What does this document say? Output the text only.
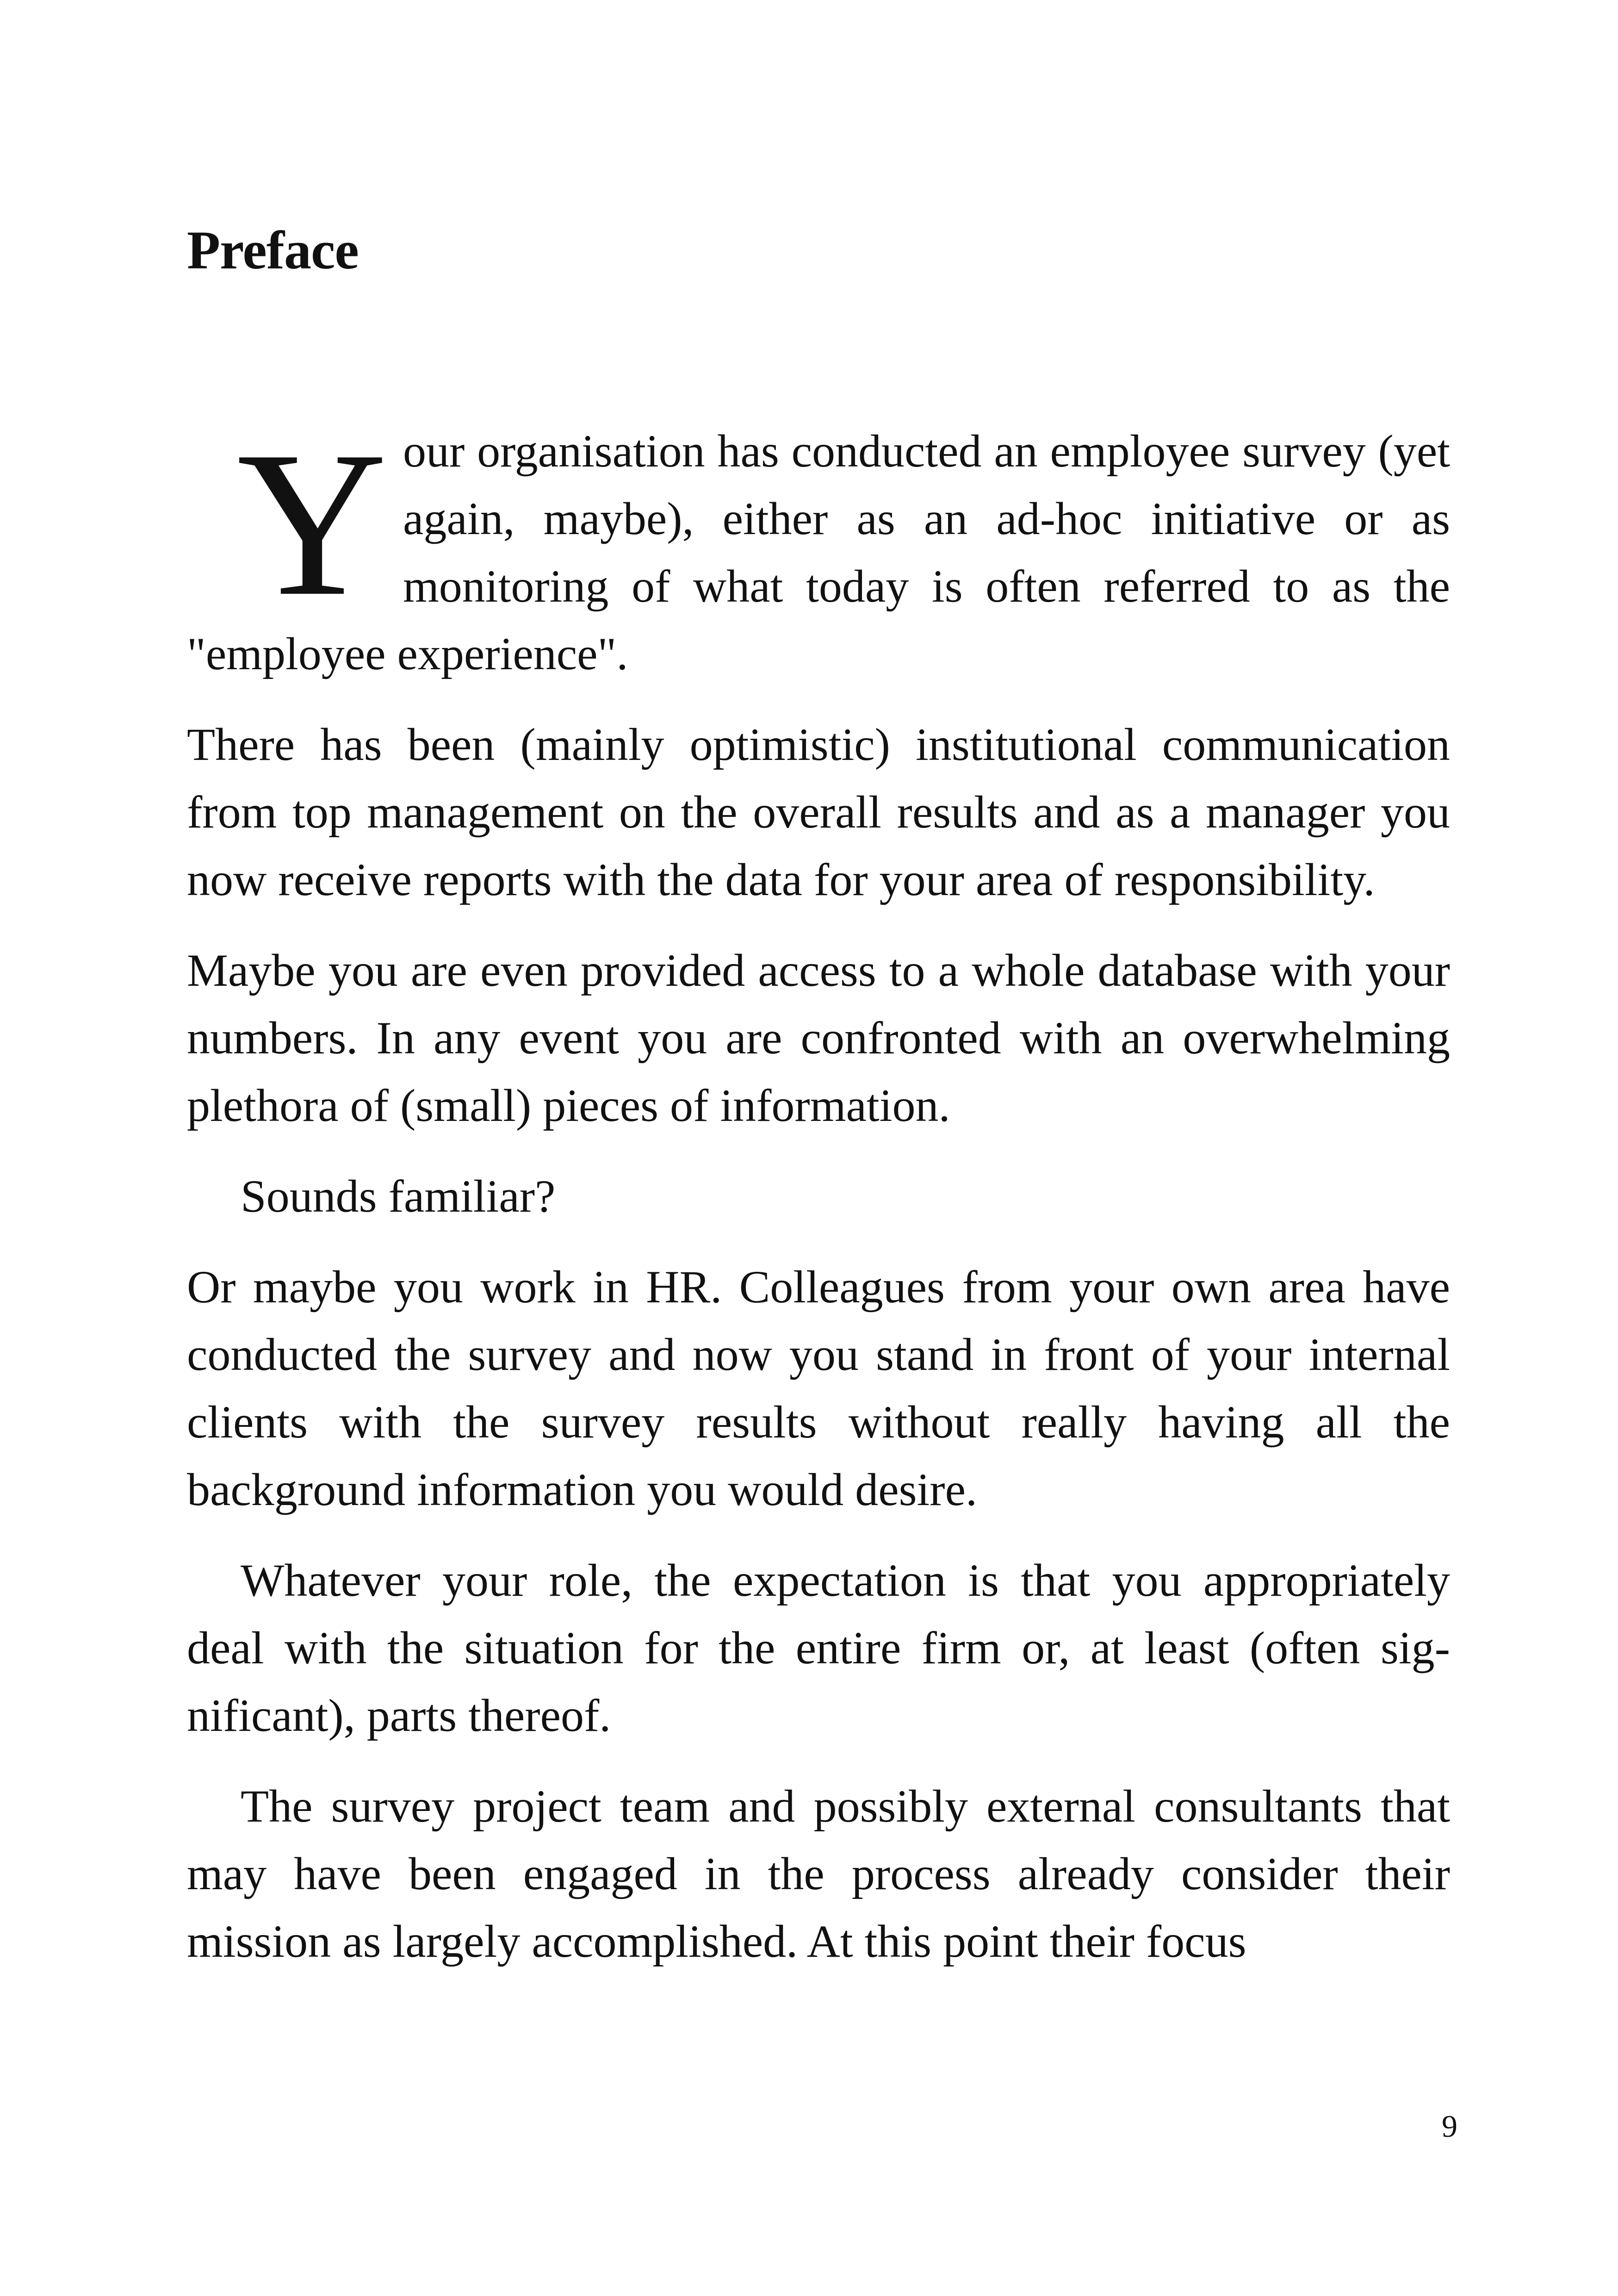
Preface

Your organisation has conducted an employee survey (yet again, maybe), either as an ad-hoc initiative or as monitoring of what today is often referred to as the "employee experience".

There has been (mainly optimistic) institutional communication from top management on the overall results and as a manager you now receive reports with the data for your area of responsibility.

Maybe you are even provided access to a whole database with your numbers. In any event you are confronted with an overwhelming plethora of (small) pieces of information.

Sounds familiar?

Or maybe you work in HR. Colleagues from your own area have conducted the survey and now you stand in front of your internal clients with the survey results without really having all the background information you would desire.

Whatever your role, the expectation is that you appropriately deal with the situation for the entire firm or, at least (often significant), parts thereof.

The survey project team and possibly external consultants that may have been engaged in the process already consider their mission as largely accomplished. At this point their focus

9
